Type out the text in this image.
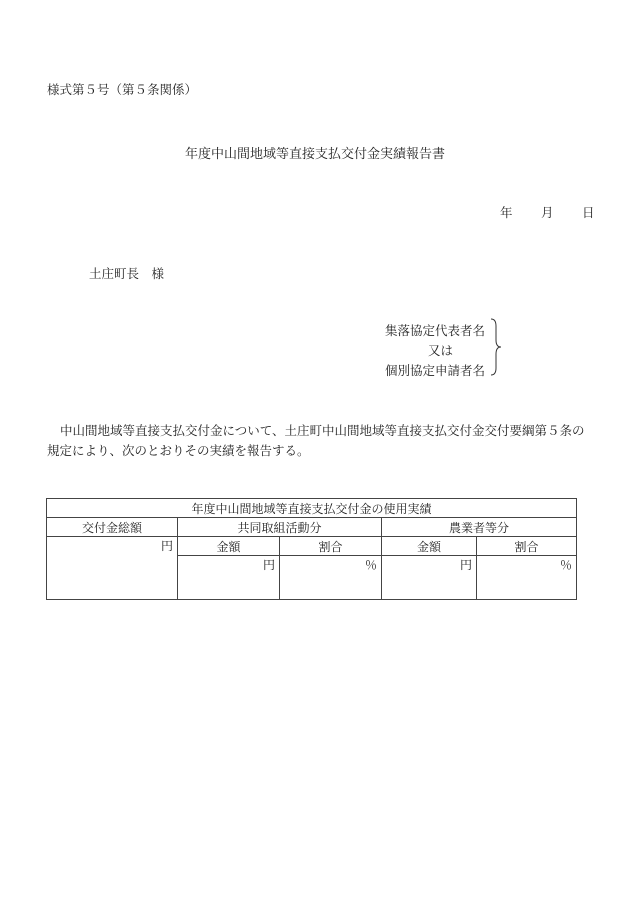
様式第５号（第５条関係）
年度中山間地域等直接支払交付金実績報告書
年 月 日
土庄町長　様
集落協定代表者名
又は
個別協定申請者名
中山間地域等直接支払交付金について、土庄町中山間地域等直接支払交付金交付要綱第５条の規定により、次のとおりその実績を報告する。
年度中山間地域等直接支払交付金の使用実績				
交付金総額	共同取組活動分		農業者等分	
円	金額	割合	金額	割合
	円	％	円	％
